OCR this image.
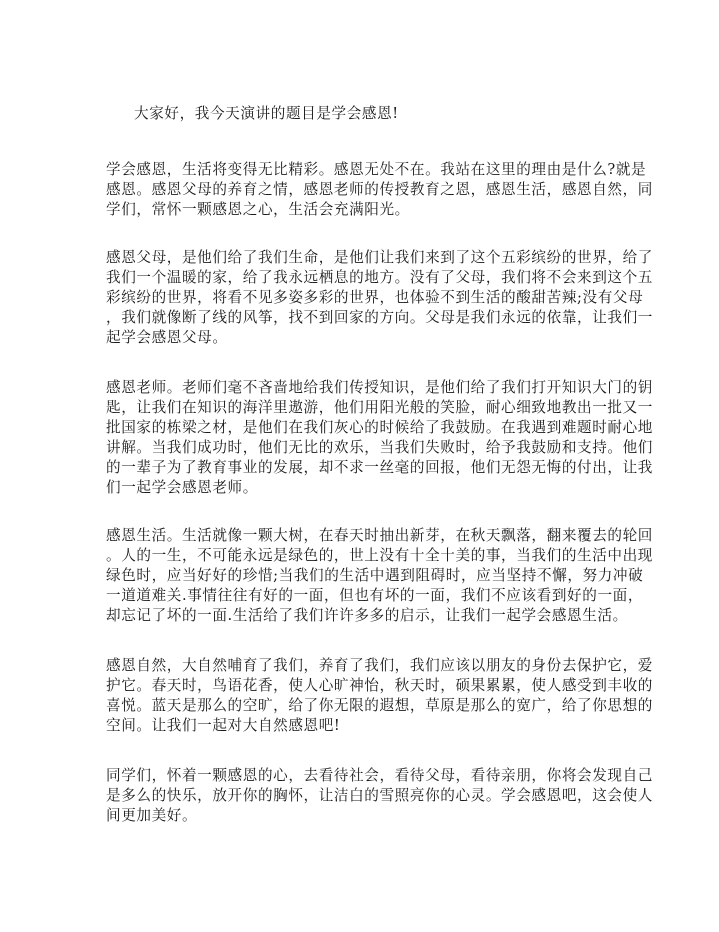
大家好，我今天演讲的题目是学会感恩!
学会感恩，生活将变得无比精彩。感恩无处不在。我站在这里的理由是什么?就是
感恩。感恩父母的养育之情，感恩老师的传授教育之恩，感恩生活，感恩自然，同
学们，常怀一颗感恩之心，生活会充满阳光。
感恩父母，是他们给了我们生命，是他们让我们来到了这个五彩缤纷的世界，给了
我们一个温暖的家，给了我永远栖息的地方。没有了父母，我们将不会来到这个五
彩缤纷的世界，将看不见多姿多彩的世界，也体验不到生活的酸甜苦辣;没有父母
，我们就像断了线的风筝，找不到回家的方向。父母是我们永远的依靠，让我们一
起学会感恩父母。
感恩老师。老师们毫不吝啬地给我们传授知识，是他们给了我们打开知识大门的钥
匙，让我们在知识的海洋里遨游，他们用阳光般的笑脸，耐心细致地教出一批又一
批国家的栋梁之材，是他们在我们灰心的时候给了我鼓励。在我遇到难题时耐心地
讲解。当我们成功时，他们无比的欢乐，当我们失败时，给予我鼓励和支持。他们
的一辈子为了教育事业的发展，却不求一丝毫的回报，他们无怨无悔的付出，让我
们一起学会感恩老师。
感恩生活。生活就像一颗大树，在春天时抽出新芽，在秋天飘落，翻来覆去的轮回
。人的一生，不可能永远是绿色的，世上没有十全十美的事，当我们的生活中出现
绿色时，应当好好的珍惜;当我们的生活中遇到阻碍时，应当坚持不懈，努力冲破
一道道难关.事情往往有好的一面，但也有坏的一面，我们不应该看到好的一面，
却忘记了坏的一面.生活给了我们许许多多的启示，让我们一起学会感恩生活。
感恩自然，大自然哺育了我们，养育了我们，我们应该以朋友的身份去保护它，爱
护它。春天时，鸟语花香，使人心旷神怡，秋天时，硕果累累，使人感受到丰收的
喜悦。蓝天是那么的空旷，给了你无限的遐想，草原是那么的宽广，给了你思想的
空间。让我们一起对大自然感恩吧!
同学们，怀着一颗感恩的心，去看待社会，看待父母，看待亲朋，你将会发现自己
是多么的快乐，放开你的胸怀，让洁白的雪照亮你的心灵。学会感恩吧，这会使人
间更加美好。
